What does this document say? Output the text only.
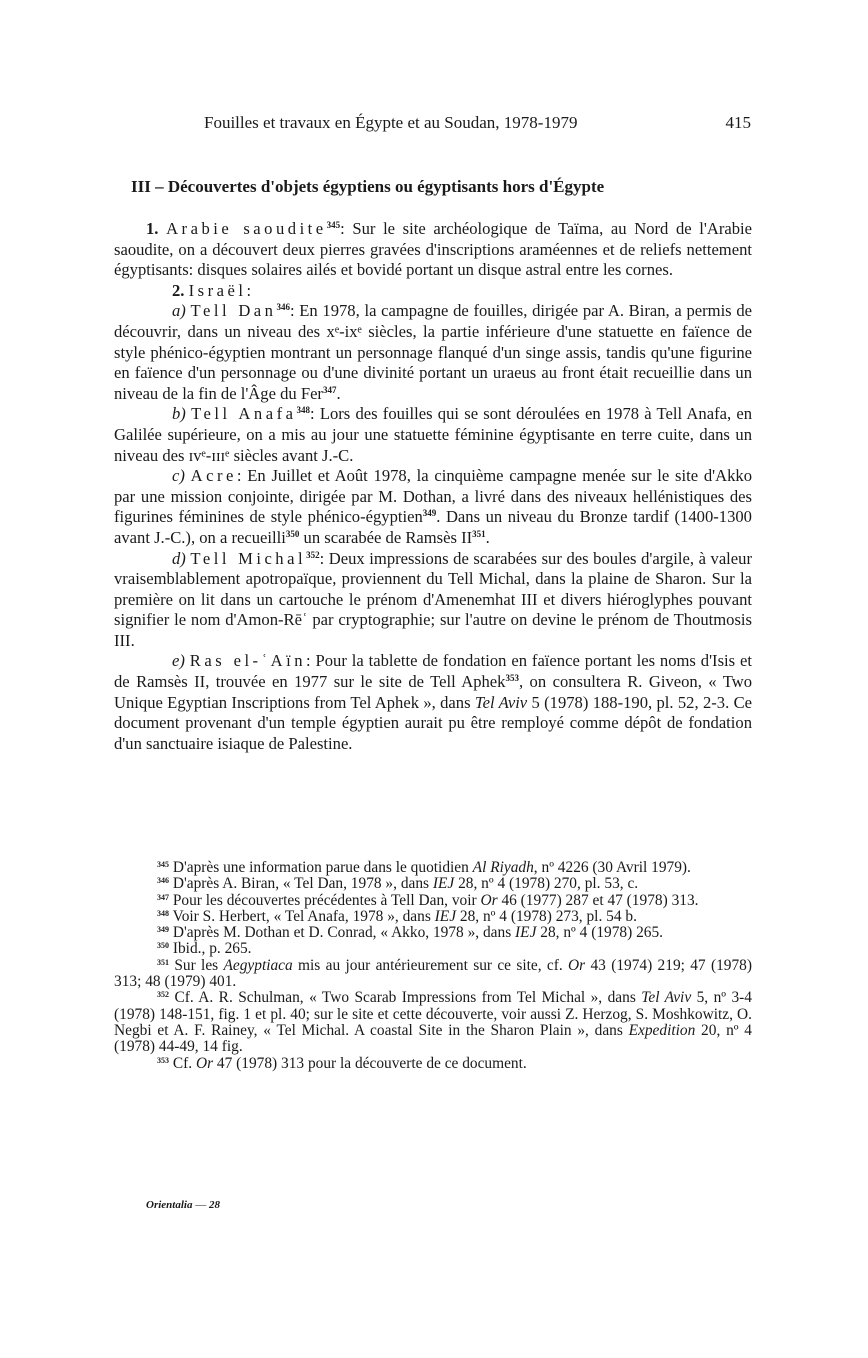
Fouilles et travaux en Égypte et au Soudan, 1978-1979	415
III – Découvertes d'objets égyptiens ou égyptisants hors d'Égypte

1. Arabie saoudite$^{345}$: Sur le site archéologique de Taïma, au Nord de l'Arabie saoudite, on a découvert deux pierres gravées d'inscriptions araméennes et de reliefs nettement égyptisants: disques solaires ailés et bovidé portant un disque astral entre les cornes.

2. Israël:

a) Tell Dan$^{346}$: En 1978, la campagne de fouilles, dirigée par A. Biran, a permis de découvrir, dans un niveau des xᵉ-ixᵉ siècles, la partie inférieure d'une statuette en faïence de style phénico-égyptien montrant un personnage flanqué d'un singe assis, tandis qu'une figurine en faïence d'un personnage ou d'une divinité portant un uraeus au front était recueillie dans un niveau de la fin de l'Âge du Fer$^{347}$.

b) Tell Anafa$^{348}$: Lors des fouilles qui se sont déroulées en 1978 à Tell Anafa, en Galilée supérieure, on a mis au jour une statuette féminine égyptisante en terre cuite, dans un niveau des ɪᴠᵉ-ɪɪɪᵉ siècles avant J.-C.

c) Acre: En Juillet et Août 1978, la cinquième campagne menée sur le site d'Akko par une mission conjointe, dirigée par M. Dothan, a livré dans des niveaux hellénistiques des figurines féminines de style phénico-égyptien$^{349}$. Dans un niveau du Bronze tardif (1400-1300 avant J.-C.), on a recueilli$^{350}$ un scarabée de Ramsès II$^{351}$.

d) Tell Michal$^{352}$: Deux impressions de scarabées sur des boules d'argile, à valeur vraisemblablement apotropaïque, proviennent du Tell Michal, dans la plaine de Sharon. Sur la première on lit dans un cartouche le prénom d'Amenemhat III et divers hiéroglyphes pouvant signifier le nom d'Amon-Rēʿ par cryptographie; sur l'autre on devine le prénom de Thoutmosis III.

e) Ras el-ʿAïn: Pour la tablette de fondation en faïence portant les noms d'Isis et de Ramsès II, trouvée en 1977 sur le site de Tell Aphek$^{353}$, on consultera R. Giveon, « Two Unique Egyptian Inscriptions from Tel Aphek », dans Tel Aviv 5 (1978) 188-190, pl. 52, 2-3. Ce document provenant d'un temple égyptien aurait pu être remployé comme dépôt de fondation d'un sanctuaire isiaque de Palestine.

$^{345}$ D'après une information parue dans le quotidien Al Riyadh, nº 4226 (30 Avril 1979).

$^{346}$ D'après A. Biran, « Tel Dan, 1978 », dans IEJ 28, nº 4 (1978) 270, pl. 53, c.

$^{347}$ Pour les découvertes précédentes à Tell Dan, voir Or 46 (1977) 287 et 47 (1978) 313.

$^{348}$ Voir S. Herbert, « Tel Anafa, 1978 », dans IEJ 28, nº 4 (1978) 273, pl. 54 b.

$^{349}$ D'après M. Dothan et D. Conrad, « Akko, 1978 », dans IEJ 28, nº 4 (1978) 265.

$^{350}$ Ibid., p. 265.

$^{351}$ Sur les Aegyptiaca mis au jour antérieurement sur ce site, cf. Or 43 (1974) 219; 47 (1978) 313; 48 (1979) 401.

$^{352}$ Cf. A. R. Schulman, « Two Scarab Impressions from Tel Michal », dans Tel Aviv 5, nº 3-4 (1978) 148-151, fig. 1 et pl. 40; sur le site et cette découverte, voir aussi Z. Herzog, S. Moshkowitz, O. Negbi et A. F. Rainey, « Tel Michal. A coastal Site in the Sharon Plain », dans Expedition 20, nº 4 (1978) 44-49, 14 fig.

$^{353}$ Cf. Or 47 (1978) 313 pour la découverte de ce document.

Orientalia — 28
